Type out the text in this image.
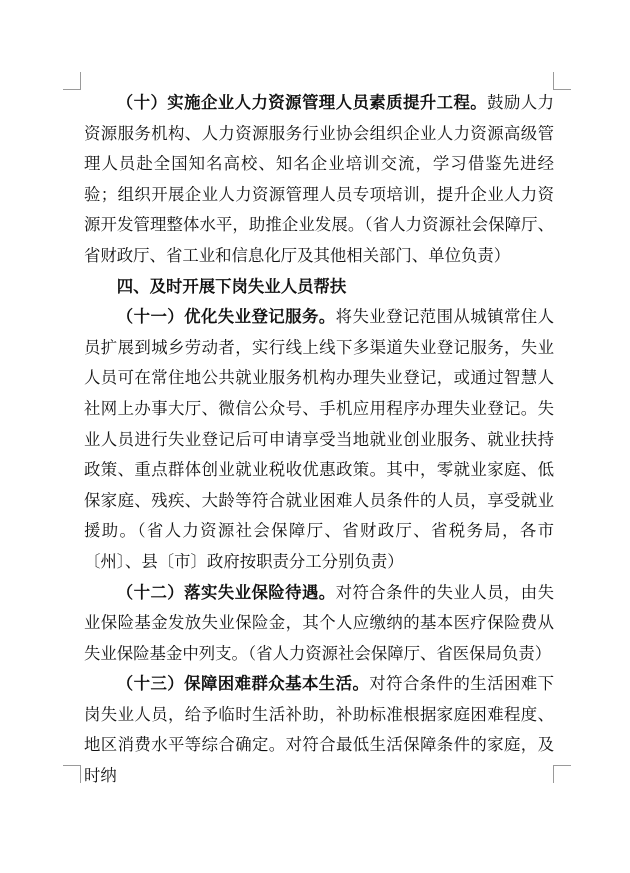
（十）实施企业人力资源管理人员素质提升工程。鼓励人力资源服务机构、人力资源服务行业协会组织企业人力资源高级管理人员赴全国知名高校、知名企业培训交流，学习借鉴先进经验；组织开展企业人力资源管理人员专项培训，提升企业人力资源开发管理整体水平，助推企业发展。（省人力资源社会保障厅、省财政厅、省工业和信息化厅及其他相关部门、单位负责）

四、及时开展下岗失业人员帮扶

（十一）优化失业登记服务。将失业登记范围从城镇常住人员扩展到城乡劳动者，实行线上线下多渠道失业登记服务，失业人员可在常住地公共就业服务机构办理失业登记，或通过智慧人社网上办事大厅、微信公众号、手机应用程序办理失业登记。失业人员进行失业登记后可申请享受当地就业创业服务、就业扶持政策、重点群体创业就业税收优惠政策。其中，零就业家庭、低保家庭、残疾、大龄等符合就业困难人员条件的人员，享受就业援助。（省人力资源社会保障厅、省财政厅、省税务局，各市〔州〕、县〔市〕政府按职责分工分别负责）

（十二）落实失业保险待遇。对符合条件的失业人员，由失业保险基金发放失业保险金，其个人应缴纳的基本医疗保险费从失业保险基金中列支。（省人力资源社会保障厅、省医保局负责）

（十三）保障困难群众基本生活。对符合条件的生活困难下岗失业人员，给予临时生活补助，补助标准根据家庭困难程度、地区消费水平等综合确定。对符合最低生活保障条件的家庭，及时纳
